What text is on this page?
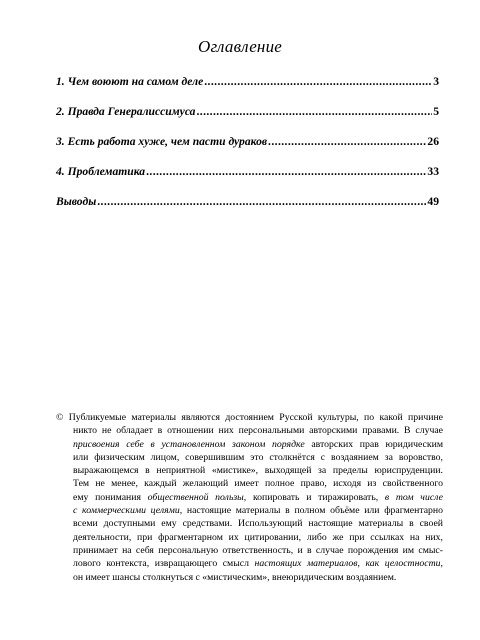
Оглавление
1. Чем воюют на самом деле .....	3
2. Правда Генералиссимуса .....	5
3. Есть работа хуже, чем пасти дураков .....	26
4. Проблематика .....	33
Выводы .....	49
© Публикуемые материалы являются достоянием Русской культуры, по какой причине
никто не обладает в отношении них персональными авторскими правами. В случае
присвоения себе в установленном законом порядке авторских прав юридическим
или физическим лицом, совершившим это столкнётся с воздаянием за воровство,
выражающемся в неприятной «мистике», выходящей за пределы юриспруденции.
Тем не менее, каждый желающий имеет полное право, исходя из свойственного
ему понимания общественной пользы, копировать и тиражировать, в том числе
с коммерческими целями, настоящие материалы в полном объёме или фрагментарно
всеми доступными ему средствами. Использующий настоящие материалы в своей
деятельности, при фрагментарном их цитировании, либо же при ссылках на них,
принимает на себя персональную ответственность, и в случае порождения им смыс-
лового контекста, извращающего смысл настоящих материалов, как целостности,
он имеет шансы столкнуться с «мистическим», внеюридическим воздаянием.
